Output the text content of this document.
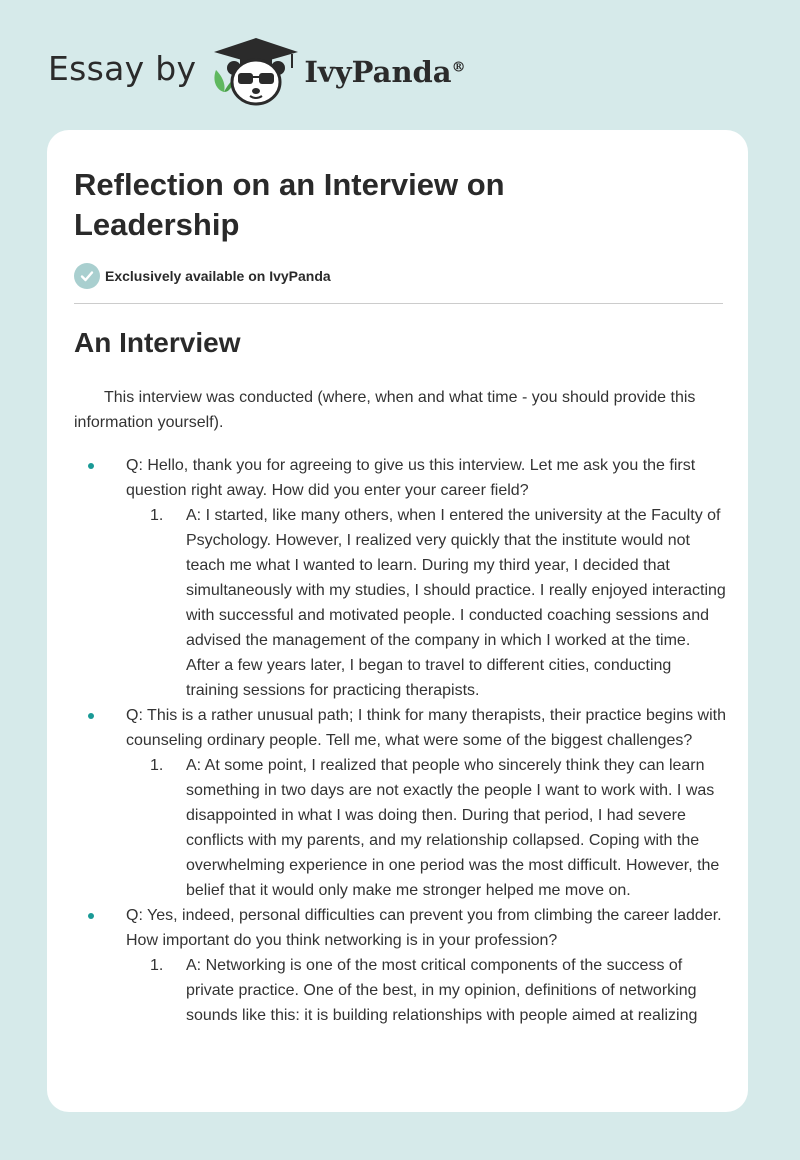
Essay by	IvyPanda®
Reflection on an Interview on Leadership
Exclusively available on IvyPanda
An Interview

This interview was conducted (where, when and what time - you should provide this information yourself).

Q: Hello, thank you for agreeing to give us this interview. Let me ask you the first question right away. How did you enter your career field?
1. A: I started, like many others, when I entered the university at the Faculty of Psychology. However, I realized very quickly that the institute would not teach me what I wanted to learn. During my third year, I decided that simultaneously with my studies, I should practice. I really enjoyed interacting with successful and motivated people. I conducted coaching sessions and advised the management of the company in which I worked at the time. After a few years later, I began to travel to different cities, conducting training sessions for practicing therapists.
Q: This is a rather unusual path; I think for many therapists, their practice begins with counseling ordinary people. Tell me, what were some of the biggest challenges?
1. A: At some point, I realized that people who sincerely think they can learn something in two days are not exactly the people I want to work with. I was disappointed in what I was doing then. During that period, I had severe conflicts with my parents, and my relationship collapsed. Coping with the overwhelming experience in one period was the most difficult. However, the belief that it would only make me stronger helped me move on.
Q: Yes, indeed, personal difficulties can prevent you from climbing the career ladder. How important do you think networking is in your profession?
1. A: Networking is one of the most critical components of the success of private practice. One of the best, in my opinion, definitions of networking sounds like this: it is building relationships with people aimed at realizing
